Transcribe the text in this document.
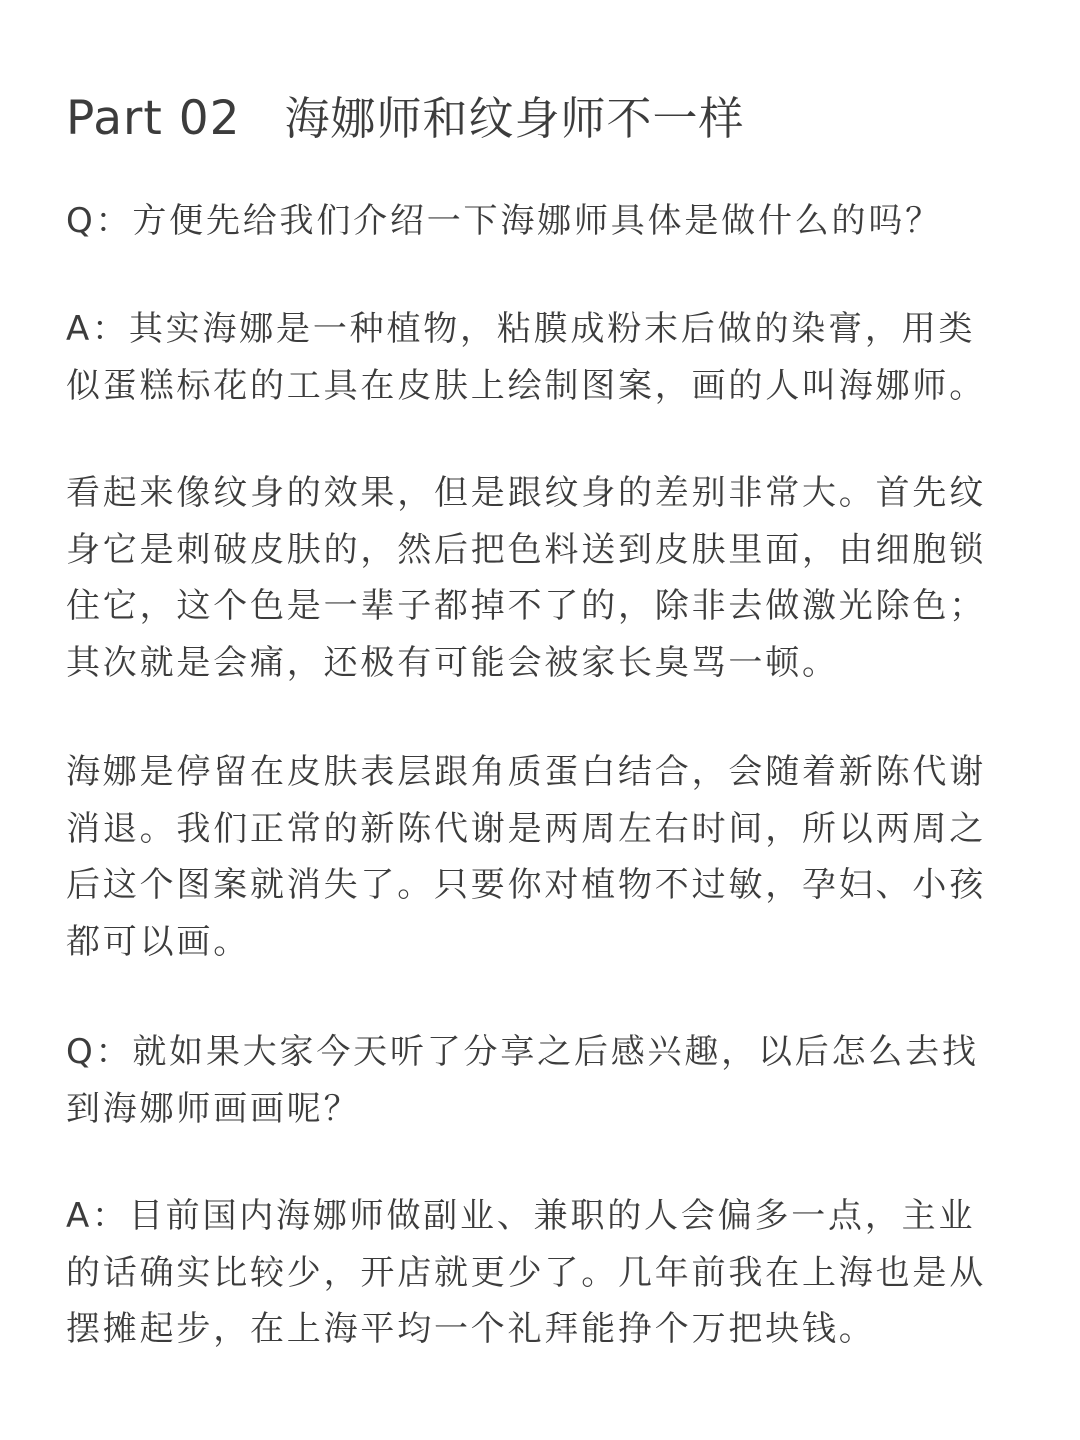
Part 02 海娜师和纹身师不一样

Q：方便先给我们介绍一下海娜师具体是做什么的吗？

A：其实海娜是一种植物，粘膜成粉末后做的染膏，用类
似蛋糕标花的工具在皮肤上绘制图案，画的人叫海娜师。

看起来像纹身的效果，但是跟纹身的差别非常大。首先纹
身它是刺破皮肤的，然后把色料送到皮肤里面，由细胞锁
住它，这个色是一辈子都掉不了的，除非去做激光除色；
其次就是会痛，还极有可能会被家长臭骂一顿。

海娜是停留在皮肤表层跟角质蛋白结合，会随着新陈代谢
消退。我们正常的新陈代谢是两周左右时间，所以两周之
后这个图案就消失了。只要你对植物不过敏，孕妇、小孩
都可以画。

Q：就如果大家今天听了分享之后感兴趣，以后怎么去找
到海娜师画画呢？

A：目前国内海娜师做副业、兼职的人会偏多一点，主业
的话确实比较少，开店就更少了。几年前我在上海也是从
摆摊起步，在上海平均一个礼拜能挣个万把块钱。
